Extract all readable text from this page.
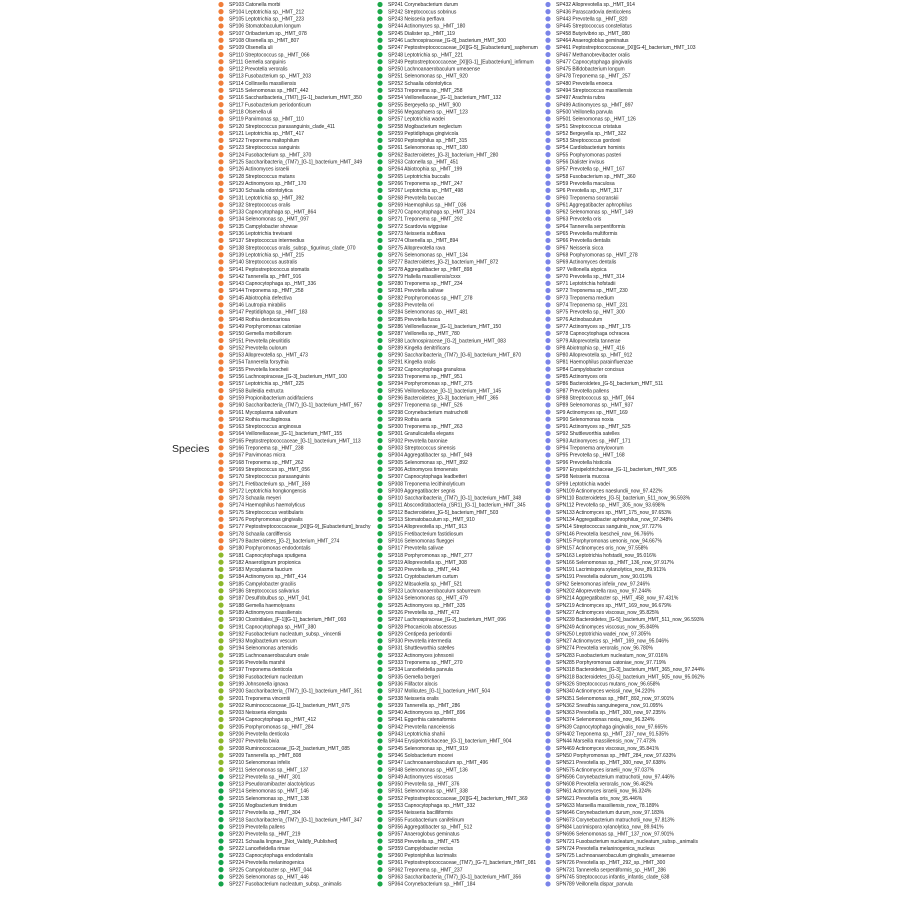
Species
SP103 Catonella morbi
SP104 Leptotrichia sp._HMT_212
SP105 Leptotrichia sp._HMT_223
SP106 Stomatobaculum longum
SP107 Oribacterium sp._HMT_078
SP108 Olsenella sp._HMT_807
SP109 Olsenella uli
SP110 Streptococcus sp._HMT_066
SP111 Gemella sanguinis
SP112 Prevotella veroralis
SP113 Fusobacterium sp._HMT_203
SP114 Collinsella massiliensis
SP115 Selenomonas sp._HMT_442
SP116 Saccharibacteria_(TM7)_[G-1]_bacterium_HMT_350
SP117 Fusobacterium periodonticum
SP118 Olsenella uli
SP119 Parvimonas sp._HMT_110
SP120 Streptococcus parasanguinis_clade_411
SP121 Leptotrichia sp._HMT_417
SP122 Treponema maltophilum
SP123 Streptococcus sanguinis
SP124 Fusobacterium sp._HMT_370
SP125 Saccharibacteria_(TM7)_[G-1]_bacterium_HMT_349
SP126 Actinomyces israelii
SP128 Streptococcus mutans
SP129 Actinomyces sp._HMT_170
SP130 Schaalia odontolytica
SP131 Leptotrichia sp._HMT_392
SP132 Streptococcus oralis
SP133 Capnocytophaga sp._HMT_864
SP134 Selenomonas sp._HMT_097
SP135 Campylobacter showae
SP136 Leptotrichia trevisanii
SP137 Streptococcus intermedius
SP138 Streptococcus oralis_subsp._tigurinus_clade_070
SP139 Leptotrichia sp._HMT_215
SP140 Streptococcus australis
SP141 Peptostreptococcus stomatis
SP142 Tannerella sp._HMT_916
SP143 Capnocytophaga sp._HMT_336
SP144 Treponema sp._HMT_258
SP145 Abiotrophia defectiva
SP146 Lautropia mirabilis
SP147 Peptidiphaga sp._HMT_183
SP148 Rothia dentocariosa
SP149 Porphyromonas catoniae
SP150 Gemella morbillorum
SP151 Prevotella pleuritidis
SP152 Prevotella oulorum
SP153 Alloprevotella sp._HMT_473
SP154 Tannerella forsythia
SP155 Prevotella loescheii
SP156 Lachnospiraceae_[G-3]_bacterium_HMT_100
SP157 Leptotrichia sp._HMT_225
SP158 Bulleidia extructa
SP159 Propionibacterium acidifaciens
SP160 Saccharibacteria_(TM7)_[G-1]_bacterium_HMT_957
SP161 Mycoplasma salivarium
SP162 Rothia mucilaginosa
SP163 Streptococcus anginosus
SP164 Veillonellaceae_[G-1]_bacterium_HMT_155
SP165 Peptostreptococcaceae_[G-1]_bacterium_HMT_113
SP166 Treponema sp._HMT_238
SP167 Parvimonas micra
SP168 Treponema sp._HMT_262
SP169 Streptococcus sp._HMT_056
SP170 Streptococcus parasanguinis
SP171 Fretibacterium sp._HMT_359
SP172 Leptotrichia hongkongensis
SP173 Schaalia meyeri
SP174 Haemophilus haemolyticus
SP175 Streptococcus vestibularis
SP176 Porphyromonas gingivalis
SP177 Peptostreptococcaceae_[XI][G-9]_[Eubacterium]_brachy
SP178 Schaalia cardiffensis
SP179 Bacteroidetes_[G-2]_bacterium_HMT_274
SP180 Porphyromonas endodontalis
SP181 Capnocytophaga sputigena
SP182 Anaerotignum propionica
SP183 Mycoplasma faucium
SP184 Actinomyces sp._HMT_414
SP185 Campylobacter gracilis
SP186 Streptococcus salivarius
SP187 Desulfobulbus sp._HMT_041
SP188 Gemella haemolysans
SP189 Actinomyces massiliensis
SP190 Clostridiales_[F-1][G-1]_bacterium_HMT_093
SP191 Capnocytophaga sp._HMT_380
SP192 Fusobacterium nucleatum_subsp._vincentii
SP193 Mogibacterium vescum
SP194 Selenomonas artemidis
SP195 Lachnoanaerobaculum orale
SP196 Prevotella marshii
SP197 Treponema denticola
SP198 Fusobacterium nucleatum
SP199 Johnsonella ignava
SP200 Saccharibacteria_(TM7)_[G-1]_bacterium_HMT_351
SP201 Treponema vincentii
SP202 Ruminococcaceae_[G-1]_bacterium_HMT_075
SP203 Neisseria elongata
SP204 Capnocytophaga sp._HMT_412
SP205 Porphyromonas sp._HMT_284
SP206 Prevotella denticola
SP207 Prevotella bivia
SP208 Ruminococcaceae_[G-2]_bacterium_HMT_085
SP209 Tannerella sp._HMT_808
SP210 Selenomonas infelix
SP211 Selenomonas sp._HMT_137
SP212 Prevotella sp._HMT_301
SP213 Pseudoramibacter alactolyticus
SP214 Selenomonas sp._HMT_146
SP215 Selenomonas sp._HMT_138
SP216 Mogibacterium timidum
SP217 Prevotella sp._HMT_304
SP218 Saccharibacteria_(TM7)_[G-1]_bacterium_HMT_347
SP219 Prevotella pallens
SP220 Prevotella sp._HMT_219
SP221 Schaalia lingnae_[Not_Validly_Published]
SP222 Lancefieldella rimae
SP223 Capnocytophaga endodontalis
SP224 Prevotella melaninogenica
SP225 Campylobacter sp._HMT_044
SP226 Selenomonas sp._HMT_446
SP227 Fusobacterium nucleatum_subsp._animalis
SP241 Corynebacterium durum
SP242 Streptococcus sobrinus
SP243 Neisseria perflava
SP244 Actinomyces sp._HMT_180
SP245 Dialister sp._HMT_119
SP246 Lachnospiraceae_[G-8]_bacterium_HMT_500
SP247 Peptostreptococcaceae_[XI][G-5]_[Eubacterium]_saphenum
SP248 Leptotrichia sp._HMT_221
SP249 Peptostreptococcaceae_[XI][G-1]_[Eubacterium]_infirmum
SP250 Lachnoanaerobaculum umeaense
SP251 Selenomonas sp._HMT_920
SP252 Schaalia odontolytica
SP253 Treponema sp._HMT_258
SP254 Veillonellaceae_[G-1]_bacterium_HMT_132
SP255 Bergeyella sp._HMT_900
SP256 Megasphaera sp._HMT_123
SP257 Leptotrichia wadei
SP258 Mogibacterium neglectum
SP259 Peptidiphaga gingivicola
SP260 Peptoniphilus sp._HMT_315
SP261 Selenomonas sp._HMT_180
SP262 Bacteroidetes_[G-3]_bacterium_HMT_280
SP263 Catonella sp._HMT_451
SP264 Abiotrophia sp._HMT_199
SP265 Leptotrichia buccalis
SP266 Treponema sp._HMT_247
SP267 Leptotrichia sp._HMT_498
SP268 Prevotella buccae
SP269 Haemophilus sp._HMT_036
SP270 Capnocytophaga sp._HMT_324
SP271 Treponema sp._HMT_292
SP272 Scardovia wiggsiae
SP273 Neisseria subflava
SP274 Olsenella sp._HMT_894
SP275 Alloprevotella rava
SP276 Selenomonas sp._HMT_134
SP277 Bacteroidetes_[G-2]_bacterium_HMT_872
SP278 Aggregatibacter sp._HMT_898
SP279 Hallella massiliensis/cxxx
SP280 Treponema sp._HMT_234
SP281 Prevotella salivae
SP282 Porphyromonas sp._HMT_278
SP283 Prevotella ori
SP284 Selenomonas sp._HMT_481
SP285 Prevotella fusca
SP286 Veillonellaceae_[G-1]_bacterium_HMT_150
SP287 Veillonella sp._HMT_780
SP288 Lachnospiraceae_[G-2]_bacterium_HMT_083
SP289 Kingella denitrificans
SP290 Saccharibacteria_(TM7)_[G-6]_bacterium_HMT_870
SP291 Kingella oralis
SP292 Capnocytophaga granulosa
SP293 Treponema sp._HMT_951
SP294 Porphyromonas sp._HMT_275
SP295 Veillonellaceae_[G-1]_bacterium_HMT_145
SP296 Bacteroidetes_[G-3]_bacterium_HMT_365
SP297 Treponema sp._HMT_526
SP298 Corynebacterium matruchotii
SP299 Rothia aeria
SP300 Treponema sp._HMT_263
SP301 Granulicatella elegans
SP302 Prevotella baroniae
SP303 Streptococcus sinensis
SP304 Aggregatibacter sp._HMT_949
SP305 Selenomonas sp._HMT_892
SP306 Actinomyces timonensis
SP307 Capnocytophaga leadbetteri
SP308 Treponema lecithinolyticum
SP309 Aggregatibacter segnis
SP310 Saccharibacteria_(TM7)_[G-1]_bacterium_HMT_348
SP311 Absconditabacteria_(SR1)_[G-1]_bacterium_HMT_345
SP312 Bacteroidetes_[G-5]_bacterium_HMT_503
SP313 Stomatobaculum sp._HMT_910
SP314 Alloprevotella sp._HMT_913
SP315 Fretibacterium fastidiosum
SP316 Selenomonas flueggei
SP317 Prevotella salivae
SP318 Porphyromonas sp._HMT_277
SP319 Alloprevotella sp._HMT_308
SP320 Prevotella sp._HMT_443
SP321 Cryptobacterium curtum
SP322 Mitsuokella sp._HMT_521
SP323 Lachnoanaerobaculum saburreum
SP324 Selenomonas sp._HMT_479
SP325 Actinomyces sp._HMT_335
SP326 Prevotella sp._HMT_472
SP327 Lachnospiraceae_[G-2]_bacterium_HMT_096
SP328 Phocaeicola abscessus
SP329 Centipeda periodontii
SP330 Prevotella intermedia
SP331 Shuttleworthia satelles
SP332 Actinomyces johnsonii
SP333 Treponema sp._HMT_270
SP334 Lancefieldella parvula
SP335 Gemella bergeri
SP336 Filifactor alocis
SP337 Mollicutes_[G-1]_bacterium_HMT_504
SP338 Neisseria oralis
SP339 Tannerella sp._HMT_286
SP340 Actinomyces sp._HMT_896
SP341 Eggerthia catenaformis
SP342 Prevotella nanceiensis
SP343 Leptotrichia shahii
SP344 Erysipelotrichaceae_[G-1]_bacterium_HMT_904
SP345 Selenomonas sp._HMT_919
SP346 Solobacterium moorei
SP347 Lachnoanaerobaculum sp._HMT_496
SP348 Selenomonas sp._HMT_136
SP349 Actinomyces viscosus
SP350 Prevotella sp._HMT_376
SP351 Selenomonas sp._HMT_338
SP352 Peptostreptococcaceae_[XI][G-4]_bacterium_HMT_369
SP353 Capnocytophaga sp._HMT_332
SP354 Neisseria bacilliformis
SP355 Fusobacterium canifelinum
SP356 Aggregatibacter sp._HMT_512
SP357 Anaeroglobus geminatus
SP358 Prevotella sp._HMT_475
SP359 Campylobacter rectus
SP360 Peptoniphilus lacrimalis
SP361 Peptostreptococcaceae_(TM7)_[G-7]_bacterium_HMT_081
SP362 Treponema sp._HMT_237
SP363 Saccharibacteria_(TM7)_[G-1]_bacterium_HMT_356
SP364 Corynebacterium sp._HMT_184
SP432 Alloprevotella sp._HMT_914
SP436 Parascardovia denticolens
SP443 Prevotella sp._HMT_820
SP445 Streptococcus constellatus
SP458 Butyrivibrio sp._HMT_080
SP464 Anaerogloblus geminatus
SP461 Peptostreptococcaceae_[XI][G-4]_bacterium_HMT_103
SP467 Methanobrevibacter oralis
SP477 Capnocytophaga gingivalis
SP475 Bifidobacterium longum
SP478 Treponema sp._HMT_257
SP480 Prevotella enoeca
SP494 Streptococcus massiliensis
SP497 Arachnia rubra
SP499 Actinomyces sp._HMT_897
SP500 Veillonella parvula
SP501 Selenomonas sp._HMT_126
SP51 Streptococcus cristatus
SP52 Bergeyella sp._HMT_322
SP53 Streptococcus gordonii
SP54 Cardiobacterium hominis
SP55 Porphyromonas pasteri
SP56 Dialister invisus
SP57 Prevotella sp._HMT_167
SP58 Fusobacterium sp._HMT_360
SP59 Prevotella maculosa
SP6 Prevotella sp._HMT_317
SP60 Treponema socranskii
SP61 Aggregatibacter aphrophilus
SP62 Selenomonas sp._HMT_149
SP63 Prevotella oris
SP64 Tannerella serpentiformis
SP65 Prevotella multiformis
SP66 Prevotella dentalis
SP67 Neisseria sicca
SP68 Porphyromonas sp._HMT_278
SP69 Actinomyces dentalis
SP7 Veillonella atypica
SP70 Prevotella sp._HMT_314
SP71 Leptotrichia hofstadii
SP72 Treponema sp._HMT_230
SP73 Treponema medium
SP74 Treponema sp._HMT_231
SP75 Prevotella sp._HMT_300
SP76 Actinobaculum
SP77 Actinomyces sp._HMT_175
SP78 Capnocytophaga ochracea
SP79 Alloprevotella tannerae
SP8 Abiotrophia sp._HMT_416
SP80 Alloprevotella sp._HMT_912
SP81 Haemophilus parainfluenzae
SP84 Campylobacter concisus
SP85 Actinomyces oris
SP86 Bacteroidetes_[G-5]_bacterium_HMT_511
SP87 Prevotella pallens
SP88 Streptococcus sp._HMT_064
SP89 Selenomonas sp._HMT_937
SP9 Actinomyces sp._HMT_169
SP90 Selenomonas noxia
SP91 Actinomyces sp._HMT_525
SP92 Shuttleworthia satelles
SP93 Actinomyces sp._HMT_171
SP94 Treponema amylovorum
SP95 Prevotella sp._HMT_168
SP96 Prevotella histicola
SP97 Erysipelotrichaceae_[G-1]_bacterium_HMT_905
SP98 Neisseria mucosa
SP99 Leptotrichia wadei
SPN109 Actinomyces naeslundii_now_97.422%
SPN110 Bacteroidetes_[G-5]_bacterium_511_now_96.593%
SPN112 Prevotella sp._HMT_305_now_93.698%
SPN133 Actinomyces sp._HMT_175_now_97.653%
SPN134 Aggregatibacter aphrophilus_now_97.348%
SPN14 Streptococcus sanguinis_now_97.727%
SPN146 Prevotella loescheii_now_96.766%
SPN15 Porphyromonas uenonis_now_94.667%
SPN157 Actinomyces oris_now_97.558%
SPN163 Leptotrichia hofstadii_now_95.016%
SPN166 Selenomonas sp._HMT_136_now_97.917%
SPN191 Lacrimispora xylanolytica_now_89.911%
SPN191 Prevotella oulorum_now_90.019%
SPN2 Selenomonas infelix_now_97.246%
SPN202 Alloprevotella rava_now_97.244%
SPN214 Aggregatibacter sp._HMT_458_now_97.431%
SPN219 Actinomyces sp._HMT_169_now_96.679%
SPN227 Actinomyces viscosus_now_95.825%
SPN239 Bacteroidetes_[G-5]_bacterium_HMT_511_now_96.593%
SPN249 Actinomyces viscosus_now_95.849%
SPN250 Leptotrichia wadei_now_97.305%
SPN27 Actinomyces sp._HMT_169_now_95.046%
SPN274 Prevotella veroralis_now_96.780%
SPN283 Fusobacterium nucleatum_now_97.016%
SPN285 Porphyromonas catoniae_now_97.719%
SPN318 Bacteroidetes_[G-3]_bacterium_HMT_365_now_97.244%
SPN318 Bacteroidetes_[G-5]_bacterium_HMT_505_now_95.062%
SPN326 Streptococcus mutans_now_96.658%
SPN340 Actinomyces weissii_now_94.220%
SPN351 Selenomonas sp._HMT_892_now_97.901%
SPN362 Sneathia sanguinegens_now_91.095%
SPN363 Prevotella sp._HMT_300_now_97.235%
SPN374 Selenomonas noxia_now_96.324%
SPN39 Capnocytophaga gingivalis_now_97.665%
SPN402 Treponema sp._HMT_237_now_91.535%
SPN44 Marseilla massiliensis_now_77.473%
SPN469 Actinomyces viscosus_now_95.841%
SPN50 Porphyromonas sp._HMT_284_now_97.633%
SPN521 Prevotella sp._HMT_300_now_97.638%
SPN575 Actinomyces israelii_now_97.037%
SPN596 Corynebacterium matruchotii_now_97.446%
SPN608 Prevotella veroralis_now_96.462%
SPN61 Actinomyces israelii_now_96.324%
SPN621 Prevotella oris_now_95.446%
SPN633 Marseilla massiliensis_now_78.189%
SPN646 Corynebacterium durum_now_97.183%
SPN673 Corynebacterium matruchotii_now_97.813%
SPN84 Lacrimispora xylanolytica_now_89.941%
SPN696 Selenomonas sp._HMT_137_now_97.901%
SPN721 Fusobacterium nucleatum_nucleatum_subsp._animalis
SPN724 Prevotella melaninogenica_nucleus
SPN725 Lachnoanaerobaculum gingivalis_umeaense
SPN726 Prevotella sp._HMT_292_sp._HMT_300
SPN731 Tannerella serpentiformis_sp._HMT_286
SPN745 Streptococcus infantis_infantis_clade_638
SPN789 Veillonella dispar_parvula
